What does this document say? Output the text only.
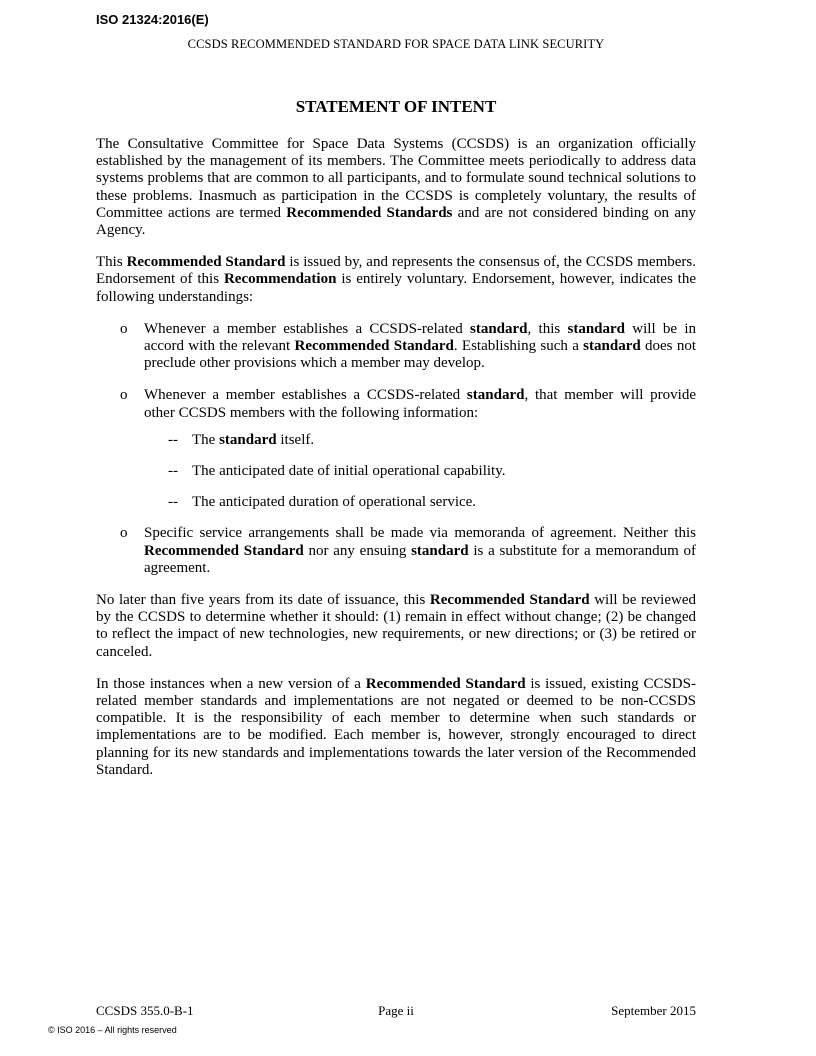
ISO 21324:2016(E)
CCSDS RECOMMENDED STANDARD FOR SPACE DATA LINK SECURITY
STATEMENT OF INTENT

The Consultative Committee for Space Data Systems (CCSDS) is an organization officially established by the management of its members. The Committee meets periodically to address data systems problems that are common to all participants, and to formulate sound technical solutions to these problems. Inasmuch as participation in the CCSDS is completely voluntary, the results of Committee actions are termed Recommended Standards and are not considered binding on any Agency.

This Recommended Standard is issued by, and represents the consensus of, the CCSDS members. Endorsement of this Recommendation is entirely voluntary. Endorsement, however, indicates the following understandings:

o Whenever a member establishes a CCSDS-related standard, this standard will be in accord with the relevant Recommended Standard. Establishing such a standard does not preclude other provisions which a member may develop.
o Whenever a member establishes a CCSDS-related standard, that member will provide other CCSDS members with the following information:
-- The standard itself.
-- The anticipated date of initial operational capability.
-- The anticipated duration of operational service.
o Specific service arrangements shall be made via memoranda of agreement. Neither this Recommended Standard nor any ensuing standard is a substitute for a memorandum of agreement.

No later than five years from its date of issuance, this Recommended Standard will be reviewed by the CCSDS to determine whether it should: (1) remain in effect without change; (2) be changed to reflect the impact of new technologies, new requirements, or new directions; or (3) be retired or canceled.

In those instances when a new version of a Recommended Standard is issued, existing CCSDS-related member standards and implementations are not negated or deemed to be non-CCSDS compatible. It is the responsibility of each member to determine when such standards or implementations are to be modified. Each member is, however, strongly encouraged to direct planning for its new standards and implementations towards the later version of the Recommended Standard.

CCSDS 355.0-B-1	Page ii	September 2015
© ISO 2016 – All rights reserved
